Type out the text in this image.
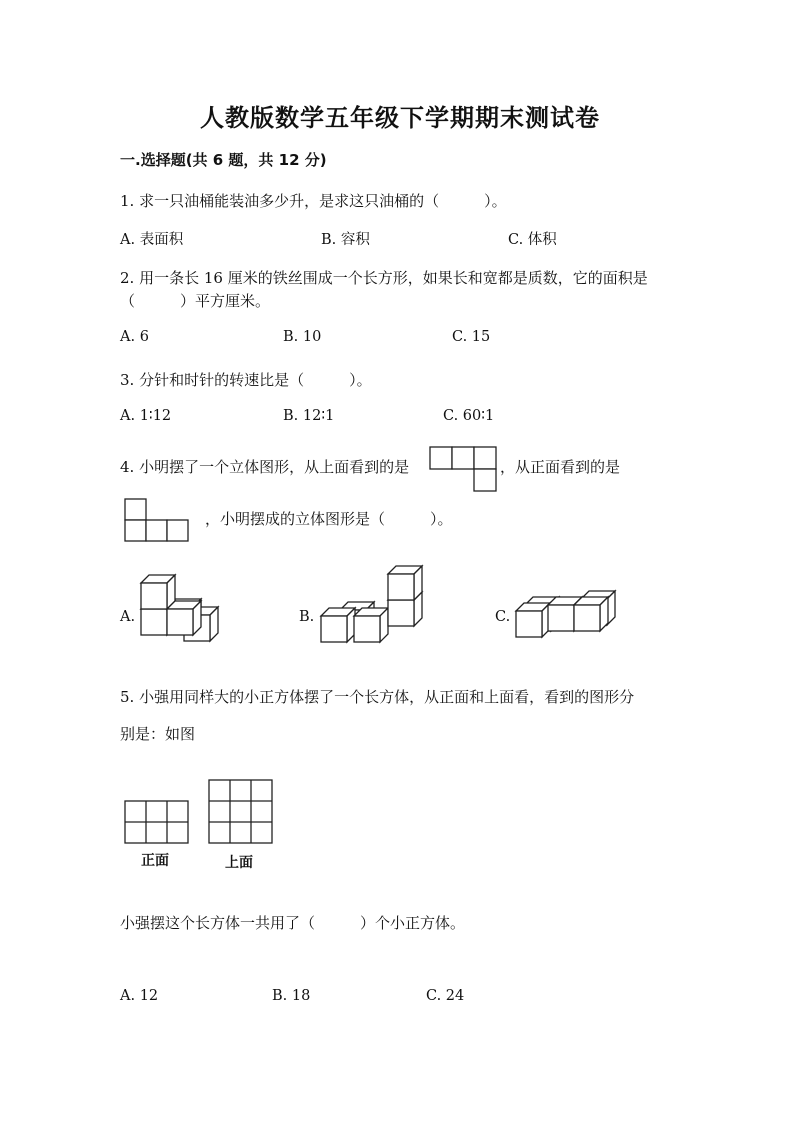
人教版数学五年级下学期期末测试卷
一.选择题(共 6 题，共 12 分)
1. 求一只油桶能装油多少升，是求这只油桶的（　　　）。
A. 表面积	B. 容积	C. 体积
2. 用一条长 16 厘米的铁丝围成一个长方形，如果长和宽都是质数，它的面积是
（　　　）平方厘米。
A. 6	B. 10	C. 15
3. 分针和时针的转速比是（　　　）。
A. 1∶12	B. 12∶1	C. 60∶1
4. 小明摆了一个立体图形，从上面看到的是	，从正面看到的是
，小明摆成的立体图形是（　　　）。
A.	B.	C.
5. 小强用同样大的小正方体摆了一个长方体，从正面和上面看，看到的图形分
别是：如图
正面	上面
小强摆这个长方体一共用了（　　　）个小正方体。
A. 12	B. 18	C. 24
